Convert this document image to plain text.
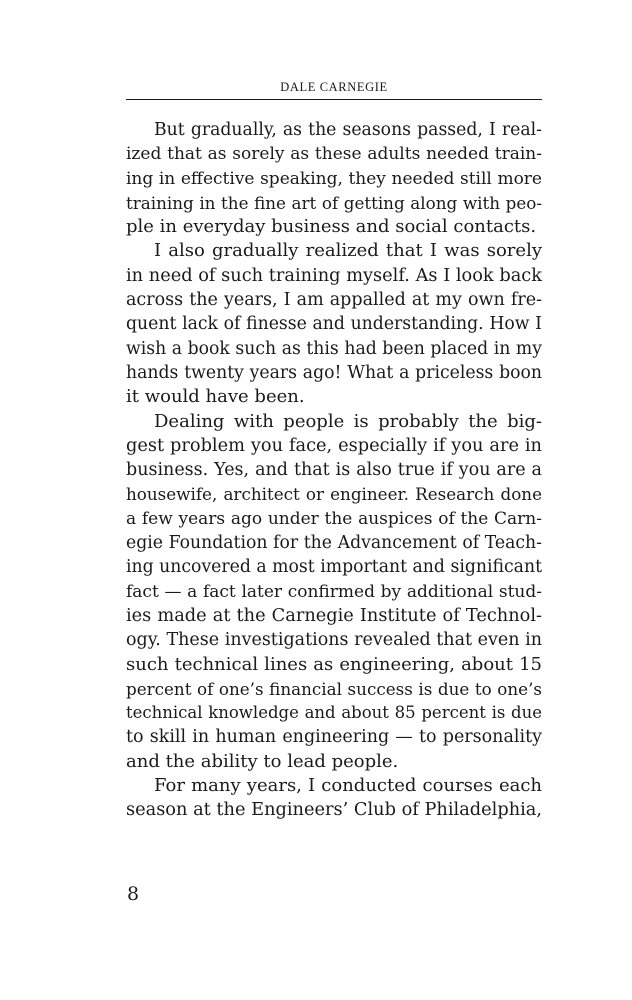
DALE CARNEGIE
But gradually, as the seasons passed, I real-
ized that as sorely as these adults needed train-
ing in effective speaking, they needed still more
training in the fine art of getting along with peo-
ple in everyday business and social contacts.
I also gradually realized that I was sorely
in need of such training myself. As I look back
across the years, I am appalled at my own fre-
quent lack of finesse and understanding. How I
wish a book such as this had been placed in my
hands twenty years ago! What a priceless boon
it would have been.
Dealing with people is probably the big-
gest problem you face, especially if you are in
business. Yes, and that is also true if you are a
housewife, architect or engineer. Research done
a few years ago under the auspices of the Carn-
egie Foundation for the Advancement of Teach-
ing uncovered a most important and significant
fact — a fact later confirmed by additional stud-
ies made at the Carnegie Institute of Technol-
ogy. These investigations revealed that even in
such technical lines as engineering, about 15
percent of one’s financial success is due to one’s
technical knowledge and about 85 percent is due
to skill in human engineering — to personality
and the ability to lead people.
For many years, I conducted courses each
season at the Engineers’ Club of Philadelphia,
8
